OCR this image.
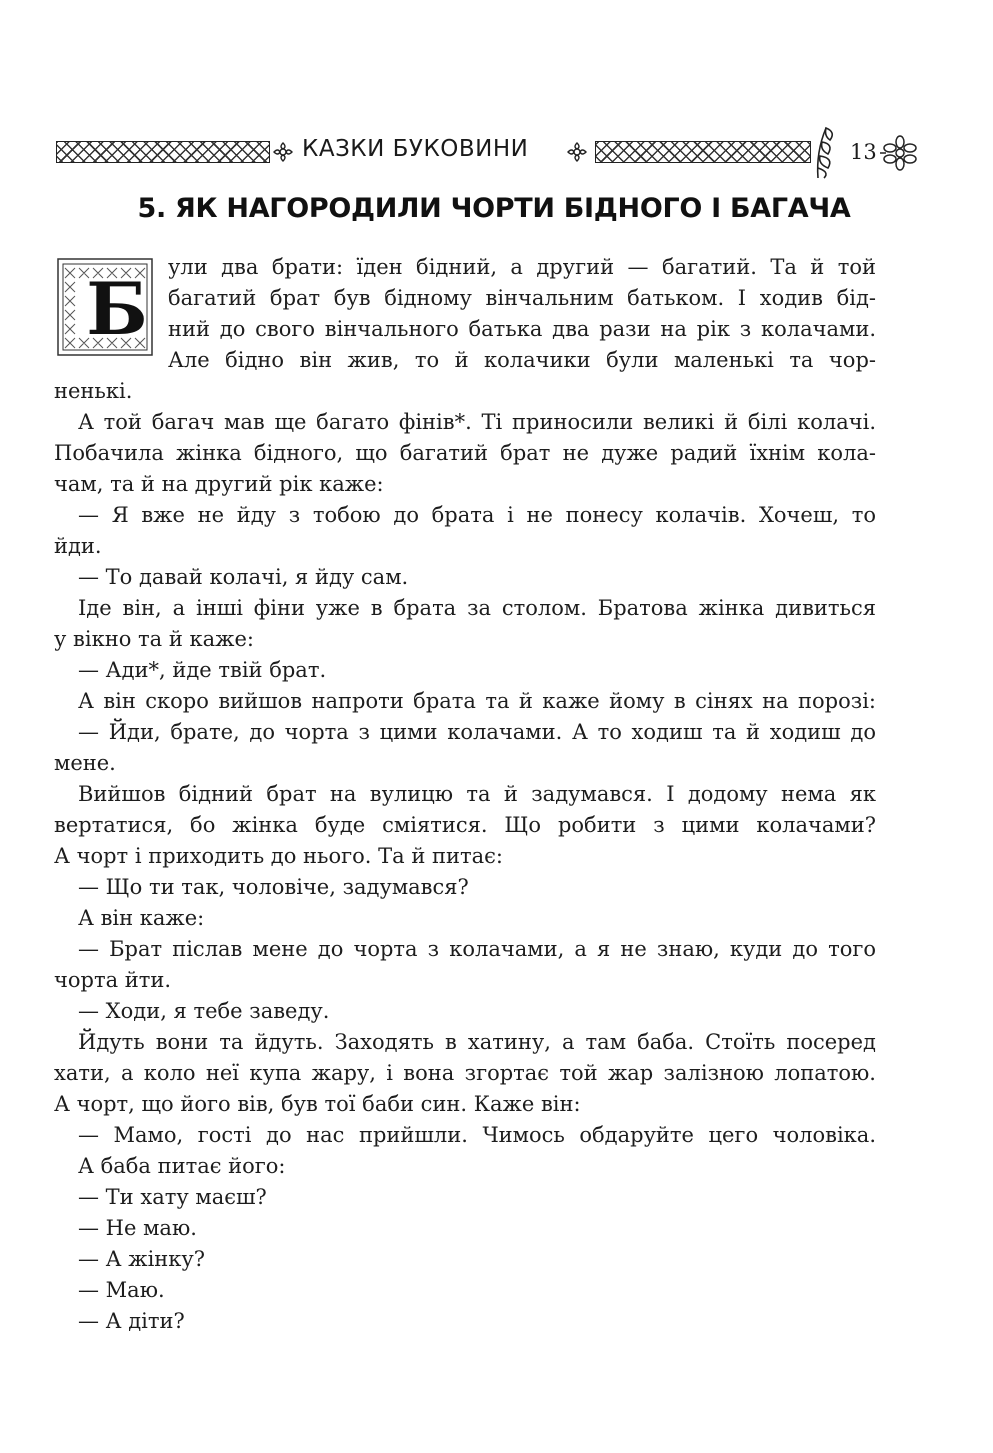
КАЗКИ БУКОВИНИ	13
5. ЯК НАГОРОДИЛИ ЧОРТИ БІДНОГО І БАГАЧА
Б ули два брати: їден бідний, а другий — багатий. Та й той
багатий брат був бідному вінчальним батьком. І ходив бід-
ний до свого вінчального батька два рази на рік з колачами.
Але бідно він жив, то й колачики були маленькі та чор-
нeнькі.
А той багач мав ще багато фінів*. Ті приносили великі й білі колачі.
Побачила жінка бідного, що багатий брат не дуже радий їхнім кола-
чам, та й на другий рік каже:
— Я вже не йду з тобою до брата і не понесу колачів. Хочеш, то
йди.
— То давай колачі, я йду сам.
Іде він, а інші фіни уже в брата за столом. Братова жінка дивиться
у вікно та й каже:
— Ади*, йде твій брат.
А він скоро вийшов напроти брата та й каже йому в сінях на порозі:
— Йди, брате, до чорта з цими колачами. А то ходиш та й ходиш до
мене.
Вийшов бідний брат на вулицю та й задумався. І додому нема як
вертатися, бо жінка буде сміятися. Що робити з цими колачами?
А чорт і приходить до нього. Та й питає:
— Що ти так, чоловіче, задумався?
А він каже:
— Брат післав мене до чорта з колачами, а я не знаю, куди до того
чорта йти.
— Ходи, я тебе заведу.
Йдуть вони та йдуть. Заходять в хатину, а там баба. Стоїть посеред
хати, а коло неї купа жару, і вона згортає той жар залізною лопатою.
А чорт, що його вів, був тої баби син. Каже він:
— Мамо, гості до нас прийшли. Чимось обдаруйте цего чоловіка.
А баба питає його:
— Ти хату маєш?
— Не маю.
— А жінку?
— Маю.
— А діти?
